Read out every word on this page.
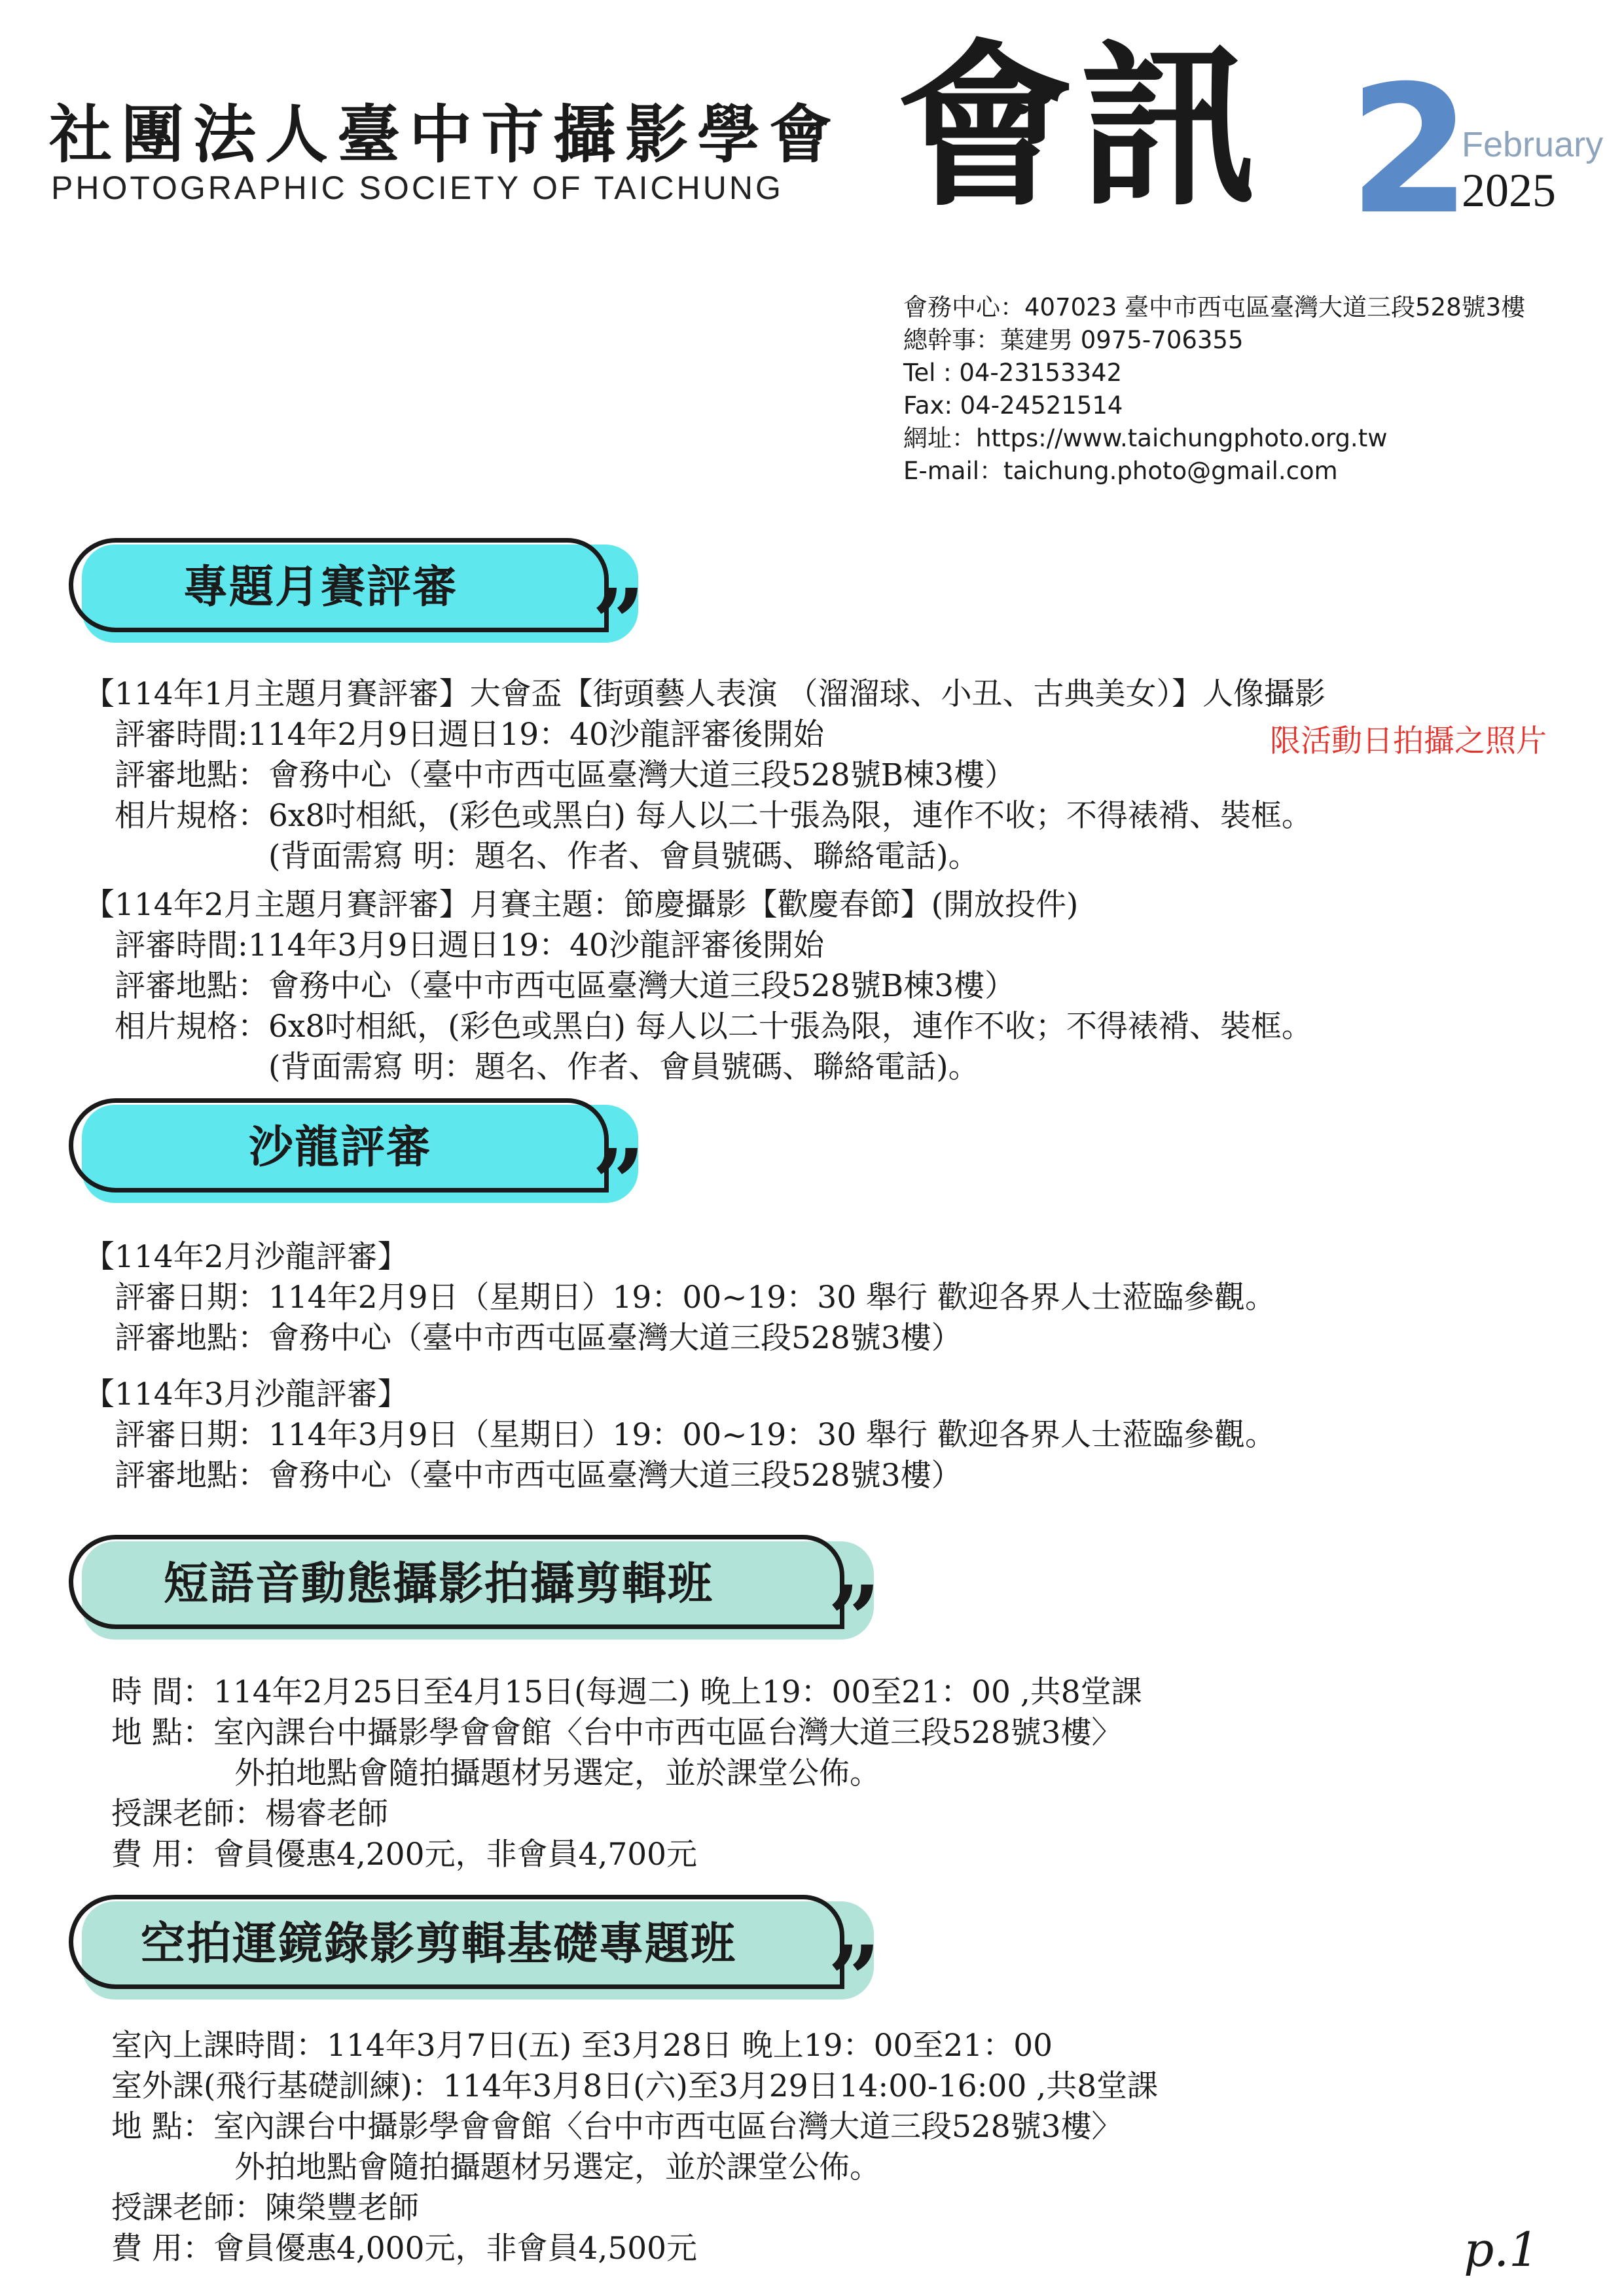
社團法人臺中市攝影學會
PHOTOGRAPHIC SOCIETY OF TAICHUNG 會訊 2
February
2025
會務中心：407023 臺中市西屯區臺灣大道三段528號3樓
總幹事：葉建男 0975-706355
Tel : 04-23153342
Fax: 04-24521514
網址：https://www.taichungphoto.org.tw
E-mail：taichung.photo@gmail.com
專題月賽評審 ”
【114年1月主題月賽評審】大會盃【街頭藝人表演 （溜溜球、小丑、古典美女）】人像攝影
　評審時間:114年2月9日週日19：40沙龍評審後開始
　評審地點：會務中心（臺中市西屯區臺灣大道三段528號B棟3樓）
　相片規格：6x8吋相紙，(彩色或黑白) 每人以二十張為限，連作不收；不得裱褙、裝框。
　　　　　　(背面需寫 明：題名、作者、會員號碼、聯絡電話)。
限活動日拍攝之照片
【114年2月主題月賽評審】月賽主題：節慶攝影【歡慶春節】(開放投件)
　評審時間:114年3月9日週日19：40沙龍評審後開始
　評審地點：會務中心（臺中市西屯區臺灣大道三段528號B棟3樓）
　相片規格：6x8吋相紙，(彩色或黑白) 每人以二十張為限，連作不收；不得裱褙、裝框。
　　　　　　(背面需寫 明：題名、作者、會員號碼、聯絡電話)。
沙龍評審 ”
【114年2月沙龍評審】
　評審日期：114年2月9日（星期日）19：00~19：30 舉行 歡迎各界人士蒞臨參觀。
　評審地點：會務中心（臺中市西屯區臺灣大道三段528號3樓）
【114年3月沙龍評審】
　評審日期：114年3月9日（星期日）19：00~19：30 舉行 歡迎各界人士蒞臨參觀。
　評審地點：會務中心（臺中市西屯區臺灣大道三段528號3樓）
短語音動態攝影拍攝剪輯班 ”
時 間：114年2月25日至4月15日(每週二) 晚上19：00至21：00 ,共8堂課
地 點：室內課台中攝影學會會館〈台中市西屯區台灣大道三段528號3樓〉
　　　　外拍地點會隨拍攝題材另選定，並於課堂公佈。
授課老師：楊睿老師
費 用：會員優惠4,200元，非會員4,700元
空拍運鏡錄影剪輯基礎專題班 ”
室內上課時間：114年3月7日(五) 至3月28日 晚上19：00至21：00
室外課(飛行基礎訓練)：114年3月8日(六)至3月29日14:00-16:00 ,共8堂課
地 點：室內課台中攝影學會會館〈台中市西屯區台灣大道三段528號3樓〉
　　　　外拍地點會隨拍攝題材另選定，並於課堂公佈。
授課老師：陳榮豐老師
費 用：會員優惠4,000元，非會員4,500元	p.1
